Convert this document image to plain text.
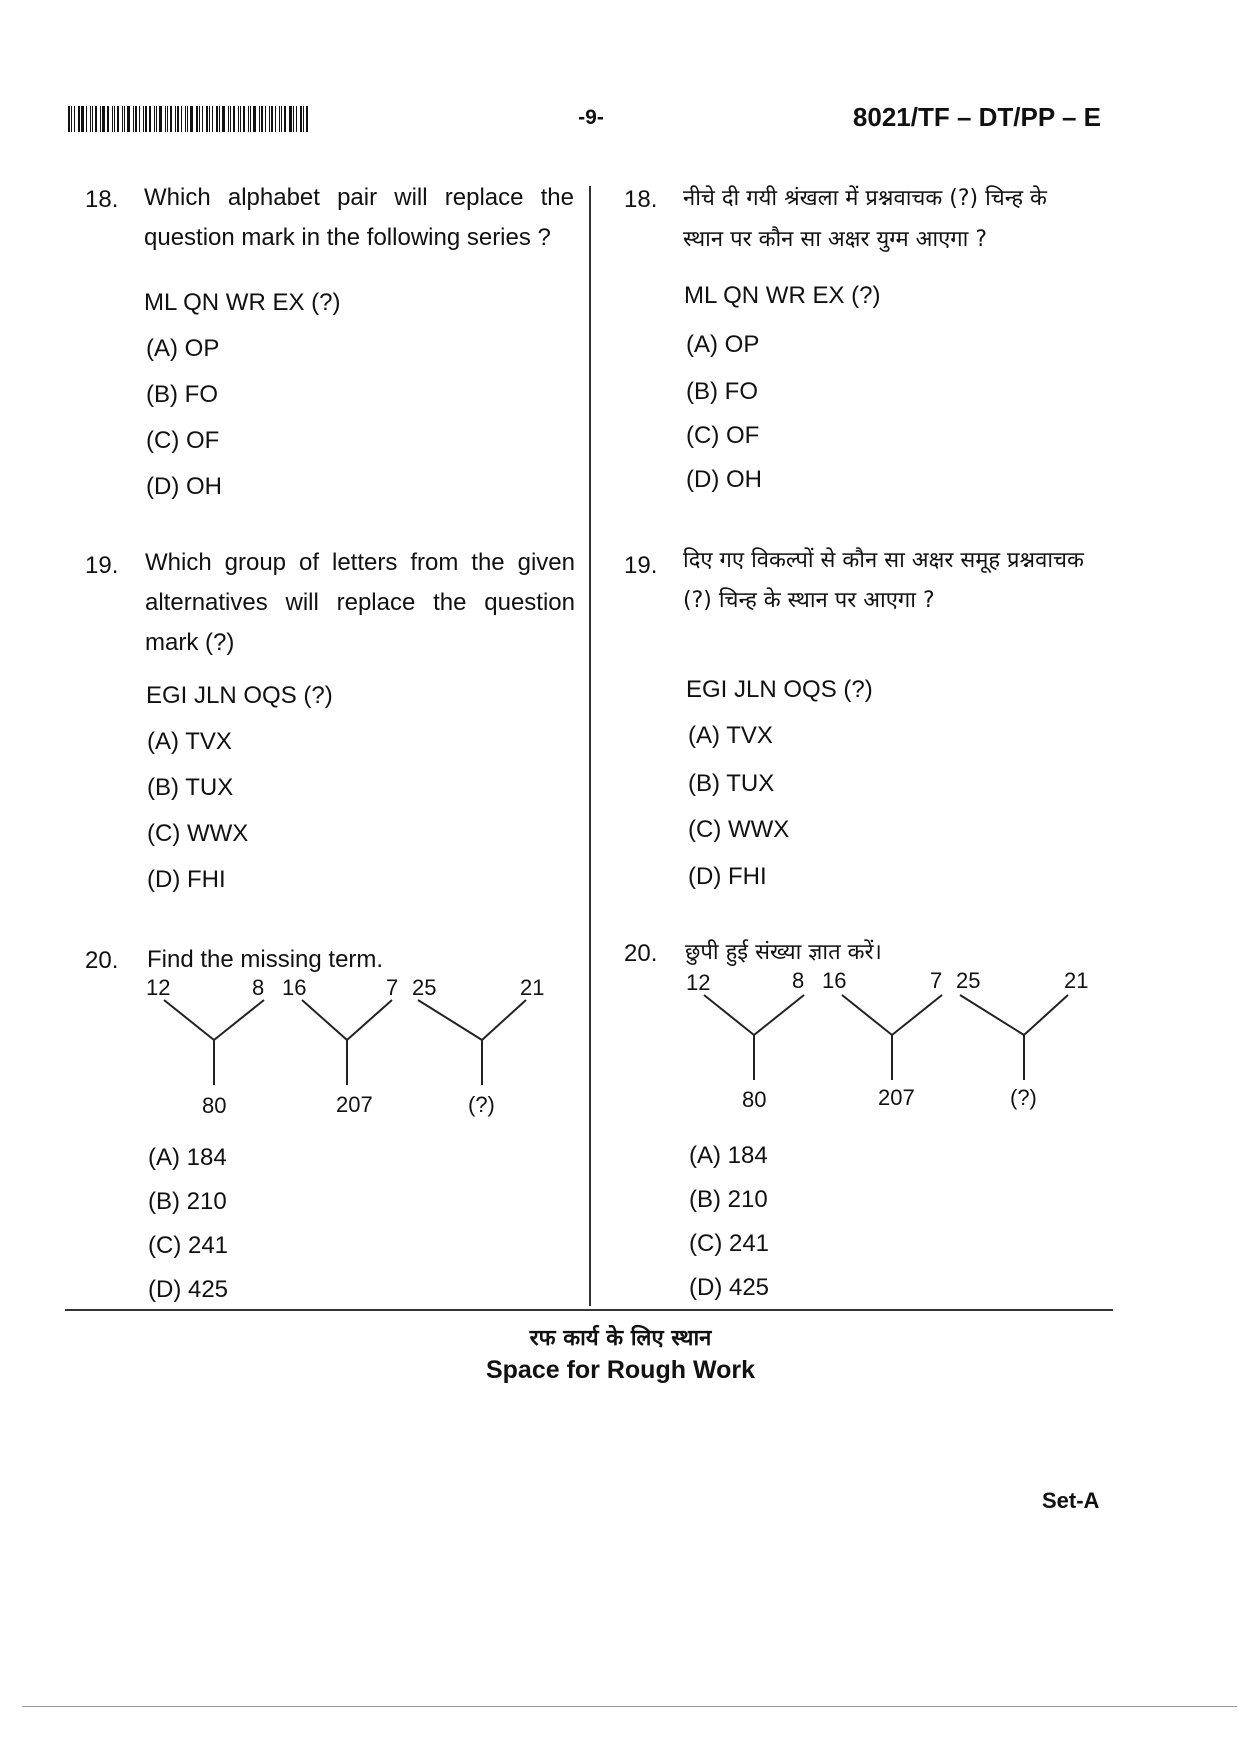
-9-	8021/TF – DT/PP – E
18. Which alphabet pair will replace the question mark in the following series ?
ML QN WR EX (?)
(A) OP
(B) FO
(C) OF
(D) OH
19. Which group of letters from the given alternatives will replace the question mark (?)
EGI JLN OQS (?)
(A) TVX
(B) TUX
(C) WWX
(D) FHI
20. Find the missing term.
12	8
80
16	7
207
25	21
(?)
(A) 184
(B) 210
(C) 241
(D) 425
18. नीचे दी गयी श्रंखला में प्रश्नवाचक (?) चिन्ह के
स्थान पर कौन सा अक्षर युग्म आएगा ?
ML QN WR EX (?)
(A) OP
(B) FO
(C) OF
(D) OH
19. दिए गए विकल्पों से कौन सा अक्षर समूह प्रश्नवाचक
(?) चिन्ह के स्थान पर आएगा ?
EGI JLN OQS (?)
(A) TVX
(B) TUX
(C) WWX
(D) FHI
20. छुपी हुई संख्या ज्ञात करें।
12	8
80
16	7
207
25	21
(?)
(A) 184
(B) 210
(C) 241
(D) 425
रफ कार्य के लिए स्थान
Space for Rough Work
Set-A
